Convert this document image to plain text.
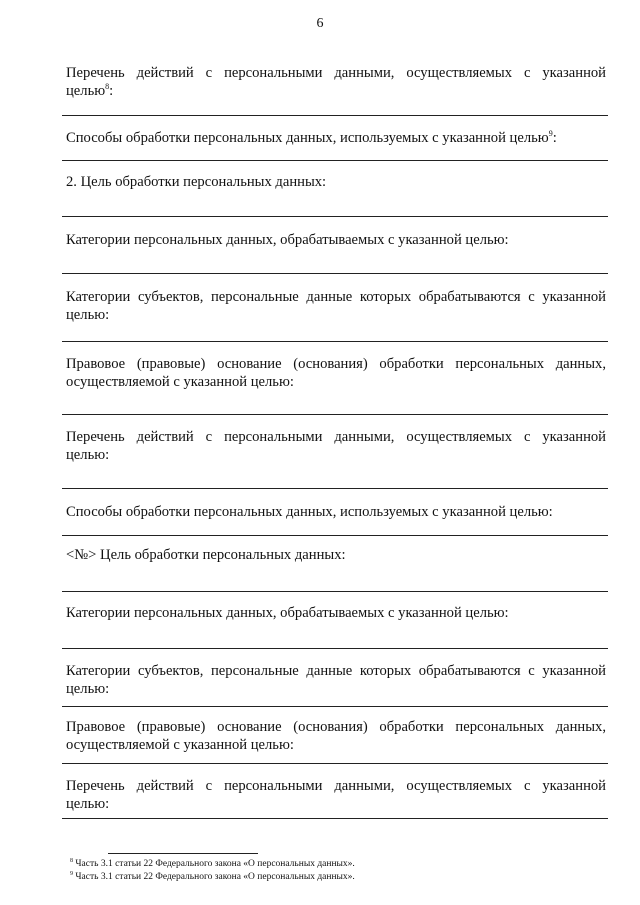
6
Перечень действий с персональными данными, осуществляемых с указанной
целью$^8$:
Способы обработки персональных данных, используемых с указанной целью$^9$:
2. Цель обработки персональных данных:
Категории персональных данных, обрабатываемых с указанной целью:
Категории субъектов, персональные данные которых обрабатываются с указанной
целью:
Правовое (правовые) основание (основания) обработки персональных данных,
осуществляемой с указанной целью:
Перечень действий с персональными данными, осуществляемых с указанной
целью:
Способы обработки персональных данных, используемых с указанной целью:
<№> Цель обработки персональных данных:
Категории персональных данных, обрабатываемых с указанной целью:
Категории субъектов, персональные данные которых обрабатываются с указанной
целью:
Правовое (правовые) основание (основания) обработки персональных данных,
осуществляемой с указанной целью:
Перечень действий с персональными данными, осуществляемых с указанной
целью:
$^8$ Часть 3.1 статьи 22 Федерального закона «О персональных данных».
$^9$ Часть 3.1 статьи 22 Федерального закона «О персональных данных».
